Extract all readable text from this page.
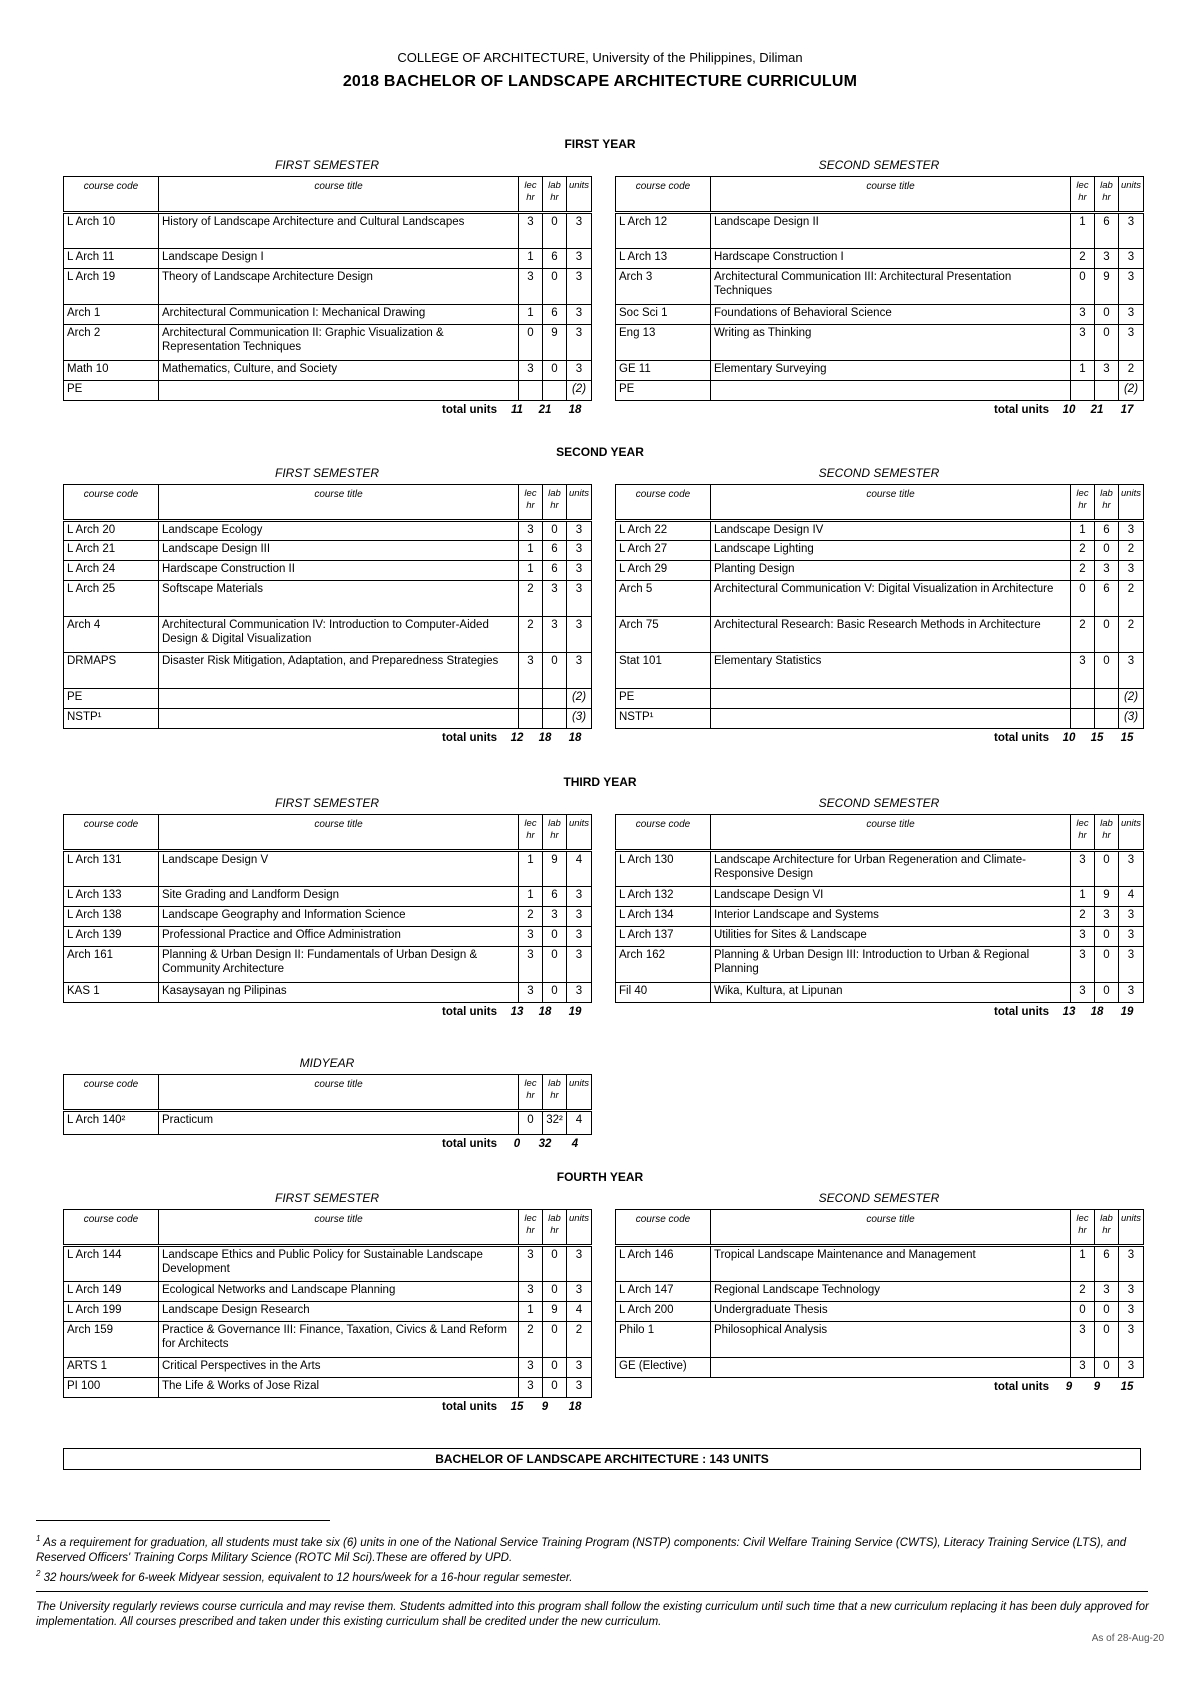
COLLEGE OF ARCHITECTURE, University of the Philippines, Diliman
2018 BACHELOR OF LANDSCAPE ARCHITECTURE CURRICULUM
FIRST YEAR
FIRST SEMESTER	SECOND SEMESTER
course code	course title	lec hr	lab hr	units
L Arch 10	History of Landscape Architecture and Cultural Landscapes	3	0	3
L Arch 11	Landscape Design I	1	6	3
L Arch 19	Theory of Landscape Architecture Design	3	0	3
Arch 1	Architectural Communication I: Mechanical Drawing	1	6	3
Arch 2	Architectural Communication II: Graphic Visualization & Representation Techniques	0	9	3
Math 10	Mathematics, Culture, and Society	3	0	3
PE				(2)
total units	11	21	18
course code	course title	lec hr	lab hr	units
L Arch 12	Landscape Design II	1	6	3
L Arch 13	Hardscape Construction I	2	3	3
Arch 3	Architectural Communication III: Architectural Presentation Techniques	0	9	3
Soc Sci 1	Foundations of Behavioral Science	3	0	3
Eng 13	Writing as Thinking	3	0	3
GE 11	Elementary Surveying	1	3	2
PE				(2)
total units	10	21	17
SECOND YEAR
FIRST SEMESTER	SECOND SEMESTER
course code	course title	lec hr	lab hr	units
L Arch 20	Landscape Ecology	3	0	3
L Arch 21	Landscape Design III	1	6	3
L Arch 24	Hardscape Construction II	1	6	3
L Arch 25	Softscape Materials	2	3	3
Arch 4	Architectural Communication IV: Introduction to Computer-Aided Design & Digital Visualization	2	3	3
DRMAPS	Disaster Risk Mitigation, Adaptation, and Preparedness Strategies	3	0	3
PE				(2)
NSTP¹				(3)
total units	12	18	18
course code	course title	lec hr	lab hr	units
L Arch 22	Landscape Design IV	1	6	3
L Arch 27	Landscape Lighting	2	0	2
L Arch 29	Planting Design	2	3	3
Arch 5	Architectural Communication V: Digital Visualization in Architecture	0	6	2
Arch 75	Architectural Research: Basic Research Methods in Architecture	2	0	2
Stat 101	Elementary Statistics	3	0	3
PE				(2)
NSTP¹				(3)
total units	10	15	15
THIRD YEAR
FIRST SEMESTER	SECOND SEMESTER
course code	course title	lec hr	lab hr	units
L Arch 131	Landscape Design V	1	9	4
L Arch 133	Site Grading and Landform Design	1	6	3
L Arch 138	Landscape Geography and Information Science	2	3	3
L Arch 139	Professional Practice and Office Administration	3	0	3
Arch 161	Planning & Urban Design II: Fundamentals of Urban Design & Community Architecture	3	0	3
KAS 1	Kasaysayan ng Pilipinas	3	0	3
total units	13	18	19
course code	course title	lec hr	lab hr	units
L Arch 130	Landscape Architecture for Urban Regeneration and Climate-Responsive Design	3	0	3
L Arch 132	Landscape Design VI	1	9	4
L Arch 134	Interior Landscape and Systems	2	3	3
L Arch 137	Utilities for Sites & Landscape	3	0	3
Arch 162	Planning & Urban Design III: Introduction to Urban & Regional Planning	3	0	3
Fil 40	Wika, Kultura, at Lipunan	3	0	3
total units	13	18	19
MIDYEAR
course code	course title	lec hr	lab hr	units
L Arch 140²	Practicum	0	32²	4
total units	0	32	4
FOURTH YEAR
FIRST SEMESTER	SECOND SEMESTER
course code	course title	lec hr	lab hr	units
L Arch 144	Landscape Ethics and Public Policy for Sustainable Landscape Development	3	0	3
L Arch 149	Ecological Networks and Landscape Planning	3	0	3
L Arch 199	Landscape Design Research	1	9	4
Arch 159	Practice & Governance III: Finance, Taxation, Civics & Land Reform for Architects	2	0	2
ARTS 1	Critical Perspectives in the Arts	3	0	3
PI 100	The Life & Works of Jose Rizal	3	0	3
total units	15	9	18
course code	course title	lec hr	lab hr	units
L Arch 146	Tropical Landscape Maintenance and Management	1	6	3
L Arch 147	Regional Landscape Technology	2	3	3
L Arch 200	Undergraduate Thesis	0	0	3
Philo 1	Philosophical Analysis	3	0	3
GE (Elective)		3	0	3
total units	9	9	15
BACHELOR OF LANDSCAPE ARCHITECTURE : 143 UNITS
$^1$ As a requirement for graduation, all students must take six (6) units in one of the National Service Training Program (NSTP) components: Civil Welfare Training Service (CWTS), Literacy Training Service (LTS), and Reserved Officers' Training Corps Military Science (ROTC Mil Sci).These are offered by UPD.
$^2$ 32 hours/week for 6-week Midyear session, equivalent to 12 hours/week for a 16-hour regular semester.
The University regularly reviews course curricula and may revise them. Students admitted into this program shall follow the existing curriculum until such time that a new curriculum replacing it has been duly approved for implementation. All courses prescribed and taken under this existing curriculum shall be credited under the new curriculum.
As of 28-Aug-20
